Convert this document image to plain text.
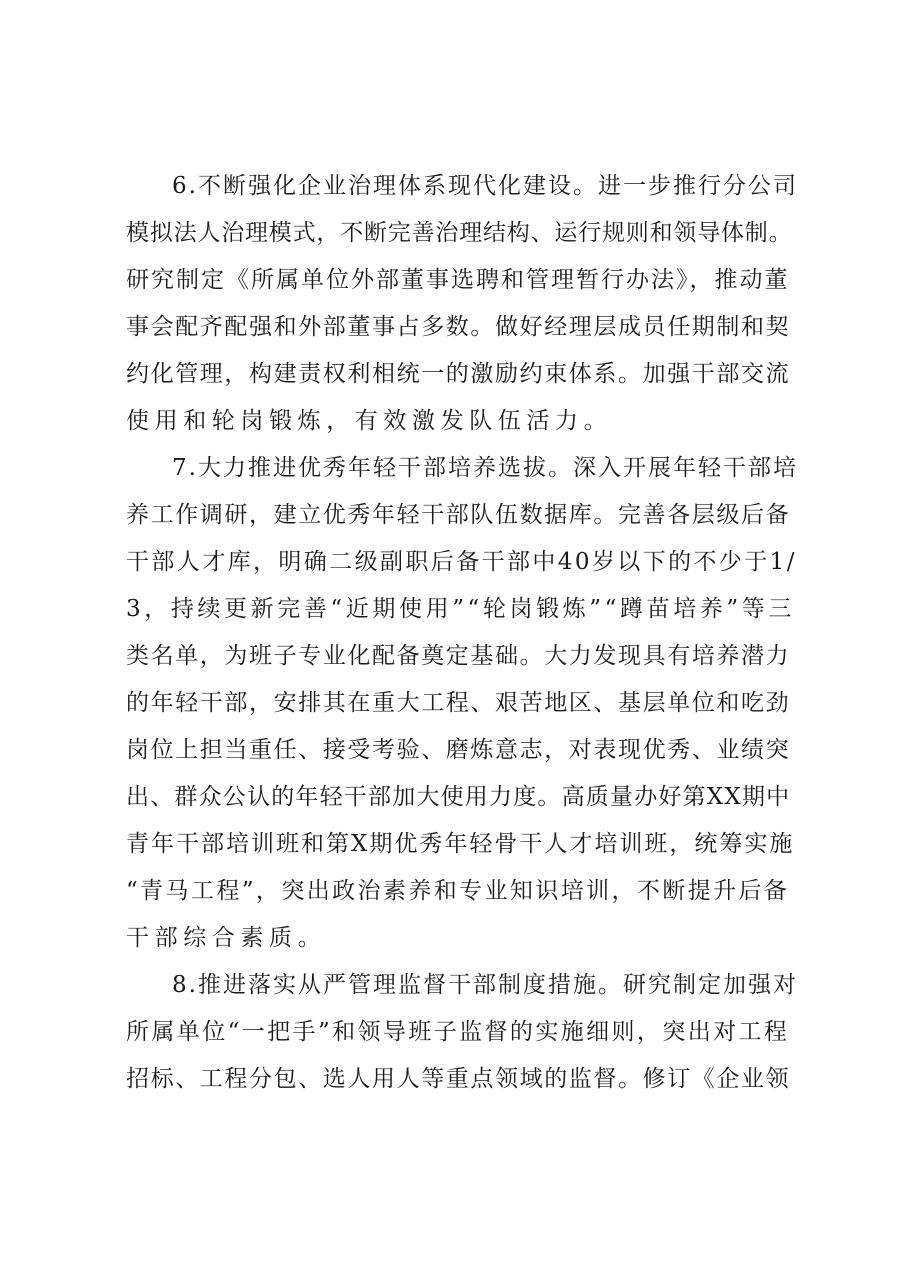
6.不断强化企业治理体系现代化建设。进一步推行分公司
模拟法人治理模式，不断完善治理结构、运行规则和领导体制。
研究制定《所属单位外部董事选聘和管理暂行办法》，推动董
事会配齐配强和外部董事占多数。做好经理层成员任期制和契
约化管理，构建责权利相统一的激励约束体系。加强干部交流
使用和轮岗锻炼，有效激发队伍活力。
7.大力推进优秀年轻干部培养选拔。深入开展年轻干部培
养工作调研，建立优秀年轻干部队伍数据库。完善各层级后备
干部人才库，明确二级副职后备干部中40岁以下的不少于1/
3，持续更新完善“近期使用”“轮岗锻炼”“蹲苗培养”等三
类名单，为班子专业化配备奠定基础。大力发现具有培养潜力
的年轻干部，安排其在重大工程、艰苦地区、基层单位和吃劲
岗位上担当重任、接受考验、磨炼意志，对表现优秀、业绩突
出、群众公认的年轻干部加大使用力度。高质量办好第XX期中
青年干部培训班和第X期优秀年轻骨干人才培训班，统筹实施
“青马工程”，突出政治素养和专业知识培训，不断提升后备
干部综合素质。
8.推进落实从严管理监督干部制度措施。研究制定加强对
所属单位“一把手”和领导班子监督的实施细则，突出对工程
招标、工程分包、选人用人等重点领域的监督。修订《企业领
